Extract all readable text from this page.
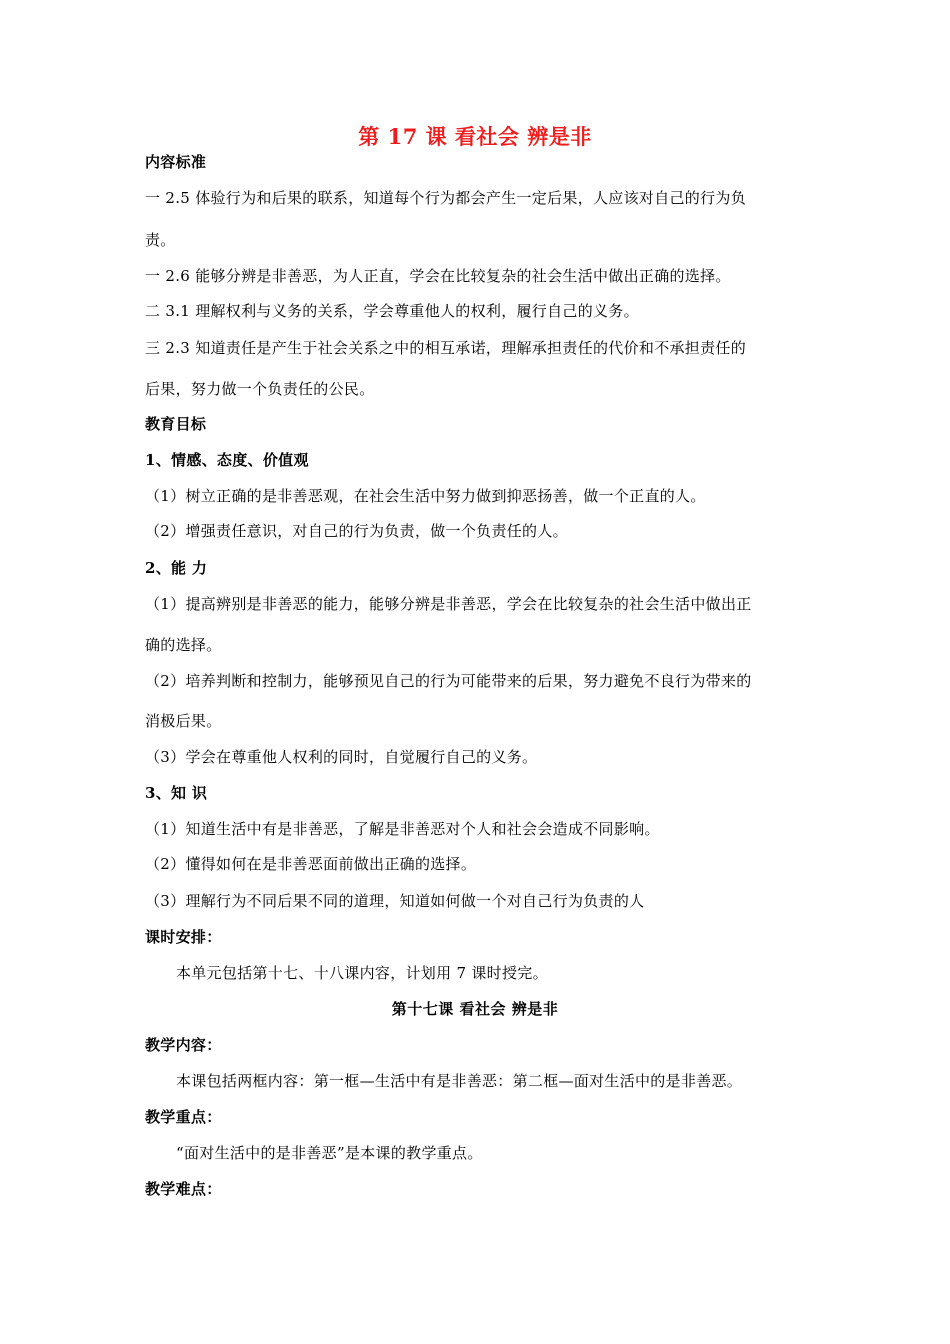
第 17 课 看社会 辨是非
内容标准
一 2.5 体验行为和后果的联系，知道每个行为都会产生一定后果，人应该对自己的行为负
责。
一 2.6 能够分辨是非善恶，为人正直，学会在比较复杂的社会生活中做出正确的选择。
二 3.1 理解权利与义务的关系，学会尊重他人的权利，履行自己的义务。
三 2.3 知道责任是产生于社会关系之中的相互承诺，理解承担责任的代价和不承担责任的
后果，努力做一个负责任的公民。
教育目标
1、情感、态度、价值观
（1）树立正确的是非善恶观，在社会生活中努力做到抑恶扬善，做一个正直的人。
（2）增强责任意识，对自己的行为负责，做一个负责任的人。
2、能 力
（1）提高辨别是非善恶的能力，能够分辨是非善恶，学会在比较复杂的社会生活中做出正
确的选择。
（2）培养判断和控制力，能够预见自己的行为可能带来的后果，努力避免不良行为带来的
消极后果。
（3）学会在尊重他人权利的同时，自觉履行自己的义务。
3、知 识
（1）知道生活中有是非善恶，了解是非善恶对个人和社会会造成不同影响。
（2）懂得如何在是非善恶面前做出正确的选择。
（3）理解行为不同后果不同的道理，知道如何做一个对自己行为负责的人
课时安排：
本单元包括第十七、十八课内容，计划用 7 课时授完。
第十七课 看社会 辨是非
教学内容：
本课包括两框内容：第一框—生活中有是非善恶：第二框—面对生活中的是非善恶。
教学重点：
“面对生活中的是非善恶”是本课的教学重点。
教学难点：
